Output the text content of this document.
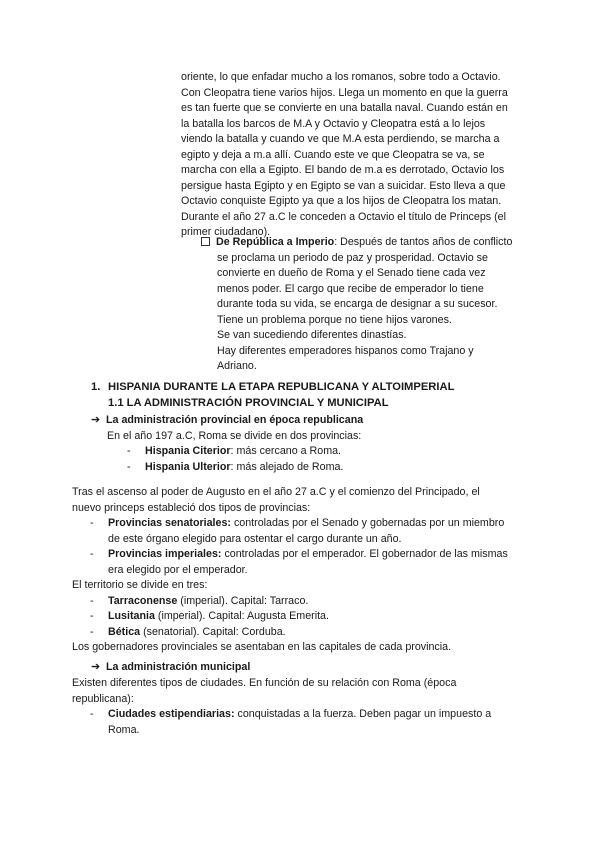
oriente, lo que enfadar mucho a los romanos, sobre todo a Octavio.
Con Cleopatra tiene varios hijos. Llega un momento en que la guerra
es tan fuerte que se convierte en una batalla naval. Cuando están en
la batalla los barcos de M.A y Octavio y Cleopatra está a lo lejos
viendo la batalla y cuando ve que M.A esta perdiendo, se marcha a
egipto y deja a m.a allí. Cuando este ve que Cleopatra se va, se
marcha con ella a Egipto. El bando de m.a es derrotado, Octavio los
persigue hasta Egipto y en Egipto se van a suicidar. Esto lleva a que
Octavio conquiste Egipto ya que a los hijos de Cleopatra los matan.
Durante el año 27 a.C le conceden a Octavio el título de Princeps (el
primer ciudadano).
De República a Imperio: Después de tantos años de conflicto
se proclama un periodo de paz y prosperidad. Octavio se
convierte en dueño de Roma y el Senado tiene cada vez
menos poder. El cargo que recibe de emperador lo tiene
durante toda su vida, se encarga de designar a su sucesor.
Tiene un problema porque no tiene hijos varones.
Se van sucediendo diferentes dinastías.
Hay diferentes emperadores hispanos como Trajano y
Adriano.
1. HISPANIA DURANTE LA ETAPA REPUBLICANA Y ALTOIMPERIAL
1.1 LA ADMINISTRACIÓN PROVINCIAL Y MUNICIPAL
➔ La administración provincial en época republicana
En el año 197 a.C, Roma se divide en dos provincias:
- Hispania Citerior: más cercano a Roma.
- Hispania Ulterior: más alejado de Roma.
Tras el ascenso al poder de Augusto en el año 27 a.C y el comienzo del Principado, el
nuevo princeps estableció dos tipos de provincias:
- Provincias senatoriales: controladas por el Senado y gobernadas por un miembro
de este órgano elegido para ostentar el cargo durante un año.
- Provincias imperiales: controladas por el emperador. El gobernador de las mismas
era elegido por el emperador.
El territorio se divide en tres:
- Tarraconense (imperial). Capital: Tarraco.
- Lusitania (imperial). Capital: Augusta Emerita.
- Bética (senatorial). Capital: Corduba.
Los gobernadores provinciales se asentaban en las capitales de cada provincia.
➔ La administración municipal
Existen diferentes tipos de ciudades. En función de su relación con Roma (época
republicana):
- Ciudades estipendiarias: conquistadas a la fuerza. Deben pagar un impuesto a
Roma.
